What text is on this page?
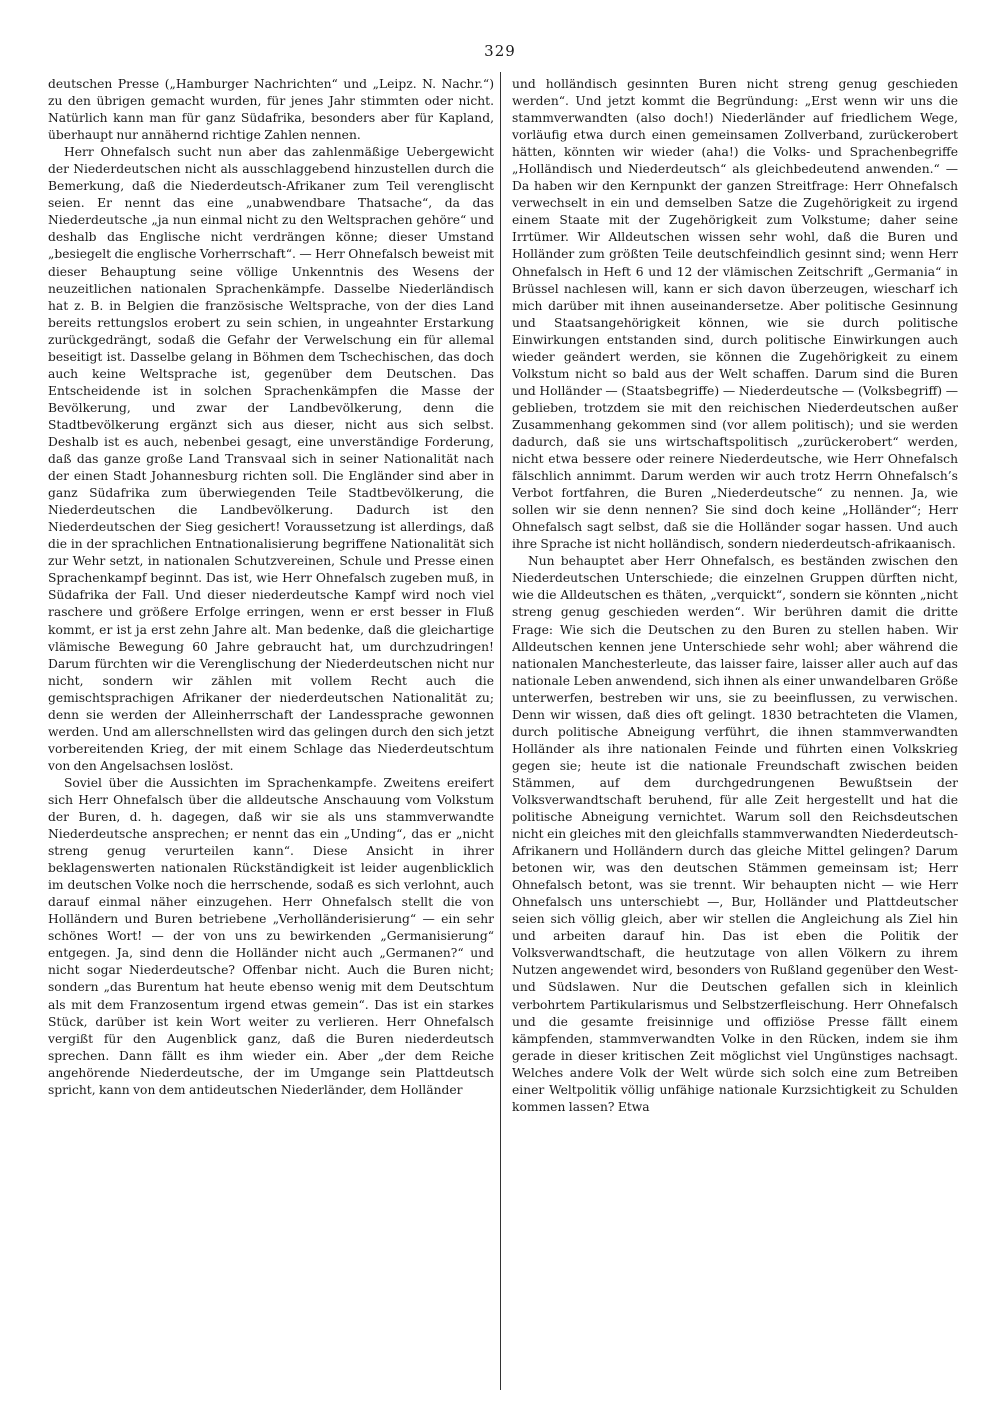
329

deutschen Presse („Hamburger Nachrichten“ und „Leipz. N. Nachr.“) zu den übrigen gemacht wurden, für jenes Jahr stimmten oder nicht. Natürlich kann man für ganz Südafrika, besonders aber für Kapland, überhaupt nur annähernd richtige Zahlen nennen.

Herr Ohnefalsch sucht nun aber das zahlenmäßige Uebergewicht der Niederdeutschen nicht als ausschlaggebend hinzustellen durch die Bemerkung, daß die Niederdeutsch-Afrikaner zum Teil verenglischt seien. Er nennt das eine „unabwendbare Thatsache“, da das Niederdeutsche „ja nun einmal nicht zu den Weltsprachen gehöre“ und deshalb das Englische nicht verdrängen könne; dieser Umstand „besiegelt die englische Vorherrschaft“. — Herr Ohnefalsch beweist mit dieser Behauptung seine völlige Unkenntnis des Wesens der neuzeitlichen nationalen Sprachenkämpfe. Dasselbe Niederländisch hat z. B. in Belgien die französische Weltsprache, von der dies Land bereits rettungslos erobert zu sein schien, in ungeahnter Erstarkung zurückgedrängt, sodaß die Gefahr der Verwelschung ein für allemal beseitigt ist. Dasselbe gelang in Böhmen dem Tschechischen, das doch auch keine Weltsprache ist, gegenüber dem Deutschen. Das Entscheidende ist in solchen Sprachenkämpfen die Masse der Bevölkerung, und zwar der Landbevölkerung, denn die Stadtbevölkerung ergänzt sich aus dieser, nicht aus sich selbst. Deshalb ist es auch, nebenbei gesagt, eine unverständige Forderung, daß das ganze große Land Transvaal sich in seiner Nationalität nach der einen Stadt Johannesburg richten soll. Die Engländer sind aber in ganz Südafrika zum überwiegenden Teile Stadtbevölkerung, die Niederdeutschen die Landbevölkerung. Dadurch ist den Niederdeutschen der Sieg gesichert! Voraussetzung ist allerdings, daß die in der sprachlichen Entnationalisierung begriffene Nationalität sich zur Wehr setzt, in nationalen Schutzvereinen, Schule und Presse einen Sprachenkampf beginnt. Das ist, wie Herr Ohnefalsch zugeben muß, in Südafrika der Fall. Und dieser niederdeutsche Kampf wird noch viel raschere und größere Erfolge erringen, wenn er erst besser in Fluß kommt, er ist ja erst zehn Jahre alt. Man bedenke, daß die gleichartige vlämische Bewegung 60 Jahre gebraucht hat, um durchzudringen! Darum fürchten wir die Verenglischung der Niederdeutschen nicht nur nicht, sondern wir zählen mit vollem Recht auch die gemischtsprachigen Afrikaner der niederdeutschen Nationalität zu; denn sie werden der Alleinherrschaft der Landessprache gewonnen werden. Und am allerschnellsten wird das gelingen durch den sich jetzt vorbereitenden Krieg, der mit einem Schlage das Niederdeutschtum von den Angelsachsen loslöst.

Soviel über die Aussichten im Sprachenkampfe. Zweitens ereifert sich Herr Ohnefalsch über die alldeutsche Anschauung vom Volkstum der Buren, d. h. dagegen, daß wir sie als uns stammverwandte Niederdeutsche ansprechen; er nennt das ein „Unding“, das er „nicht streng genug verurteilen kann“. Diese Ansicht in ihrer beklagenswerten nationalen Rückständigkeit ist leider augenblicklich im deutschen Volke noch die herrschende, sodaß es sich verlohnt, auch darauf einmal näher einzugehen. Herr Ohnefalsch stellt die von Holländern und Buren betriebene „Verholländerisierung“ — ein sehr schönes Wort! — der von uns zu bewirkenden „Germanisierung“ entgegen. Ja, sind denn die Holländer nicht auch „Germanen?“ und nicht sogar Niederdeutsche? Offenbar nicht. Auch die Buren nicht; sondern „das Burentum hat heute ebenso wenig mit dem Deutschtum als mit dem Franzosentum irgend etwas gemein“. Das ist ein starkes Stück, darüber ist kein Wort weiter zu verlieren. Herr Ohnefalsch vergißt für den Augenblick ganz, daß die Buren niederdeutsch sprechen. Dann fällt es ihm wieder ein. Aber „der dem Reiche angehörende Niederdeutsche, der im Umgange sein Plattdeutsch spricht, kann von dem antideutschen Niederländer, dem Holländer

und holländisch gesinnten Buren nicht streng genug geschieden werden“. Und jetzt kommt die Begründung: „Erst wenn wir uns die stammverwandten (also doch!) Niederländer auf friedlichem Wege, vorläufig etwa durch einen gemeinsamen Zollverband, zurückerobert hätten, könnten wir wieder (aha!) die Volks- und Sprachenbegriffe „Holländisch und Niederdeutsch“ als gleichbedeutend anwenden.“ — Da haben wir den Kernpunkt der ganzen Streitfrage: Herr Ohnefalsch verwechselt in ein und demselben Satze die Zugehörigkeit zu irgend einem Staate mit der Zugehörigkeit zum Volkstume; daher seine Irrtümer. Wir Alldeutschen wissen sehr wohl, daß die Buren und Holländer zum größten Teile deutschfeindlich gesinnt sind; wenn Herr Ohnefalsch in Heft 6 und 12 der vlämischen Zeitschrift „Germania“ in Brüssel nachlesen will, kann er sich davon überzeugen, wiescharf ich mich darüber mit ihnen auseinandersetze. Aber politische Gesinnung und Staatsangehörigkeit können, wie sie durch politische Einwirkungen entstanden sind, durch politische Einwirkungen auch wieder geändert werden, sie können die Zugehörigkeit zu einem Volkstum nicht so bald aus der Welt schaffen. Darum sind die Buren und Holländer — (Staatsbegriffe) — Niederdeutsche — (Volksbegriff) — geblieben, trotzdem sie mit den reichischen Niederdeutschen außer Zusammenhang gekommen sind (vor allem politisch); und sie werden dadurch, daß sie uns wirtschaftspolitisch „zurückerobert“ werden, nicht etwa bessere oder reinere Niederdeutsche, wie Herr Ohnefalsch fälschlich annimmt. Darum werden wir auch trotz Herrn Ohnefalsch’s Verbot fortfahren, die Buren „Niederdeutsche“ zu nennen. Ja, wie sollen wir sie denn nennen? Sie sind doch keine „Holländer“; Herr Ohnefalsch sagt selbst, daß sie die Holländer sogar hassen. Und auch ihre Sprache ist nicht holländisch, sondern niederdeutsch-afrikaanisch.

Nun behauptet aber Herr Ohnefalsch, es beständen zwischen den Niederdeutschen Unterschiede; die einzelnen Gruppen dürften nicht, wie die Alldeutschen es thäten, „verquickt“, sondern sie könnten „nicht streng genug geschieden werden“. Wir berühren damit die dritte Frage: Wie sich die Deutschen zu den Buren zu stellen haben. Wir Alldeutschen kennen jene Unterschiede sehr wohl; aber während die nationalen Manchesterleute, das laisser faire, laisser aller auch auf das nationale Leben anwendend, sich ihnen als einer unwandelbaren Größe unterwerfen, bestreben wir uns, sie zu beeinflussen, zu verwischen. Denn wir wissen, daß dies oft gelingt. 1830 betrachteten die Vlamen, durch politische Abneigung verführt, die ihnen stammverwandten Holländer als ihre nationalen Feinde und führten einen Volkskrieg gegen sie; heute ist die nationale Freundschaft zwischen beiden Stämmen, auf dem durchgedrungenen Bewußtsein der Volksverwandtschaft beruhend, für alle Zeit hergestellt und hat die politische Abneigung vernichtet. Warum soll den Reichsdeutschen nicht ein gleiches mit den gleichfalls stammverwandten Niederdeutsch-Afrikanern und Holländern durch das gleiche Mittel gelingen? Darum betonen wir, was den deutschen Stämmen gemeinsam ist; Herr Ohnefalsch betont, was sie trennt. Wir behaupten nicht — wie Herr Ohnefalsch uns unterschiebt —, Bur, Holländer und Plattdeutscher seien sich völlig gleich, aber wir stellen die Angleichung als Ziel hin und arbeiten darauf hin. Das ist eben die Politik der Volksverwandtschaft, die heutzutage von allen Völkern zu ihrem Nutzen angewendet wird, besonders von Rußland gegenüber den West- und Südslawen. Nur die Deutschen gefallen sich in kleinlich verbohrtem Partikularismus und Selbstzerfleischung. Herr Ohnefalsch und die gesamte freisinnige und offiziöse Presse fällt einem kämpfenden, stammverwandten Volke in den Rücken, indem sie ihm gerade in dieser kritischen Zeit möglichst viel Ungünstiges nachsagt. Welches andere Volk der Welt würde sich solch eine zum Betreiben einer Weltpolitik völlig unfähige nationale Kurzsichtigkeit zu Schulden kommen lassen? Etwa
